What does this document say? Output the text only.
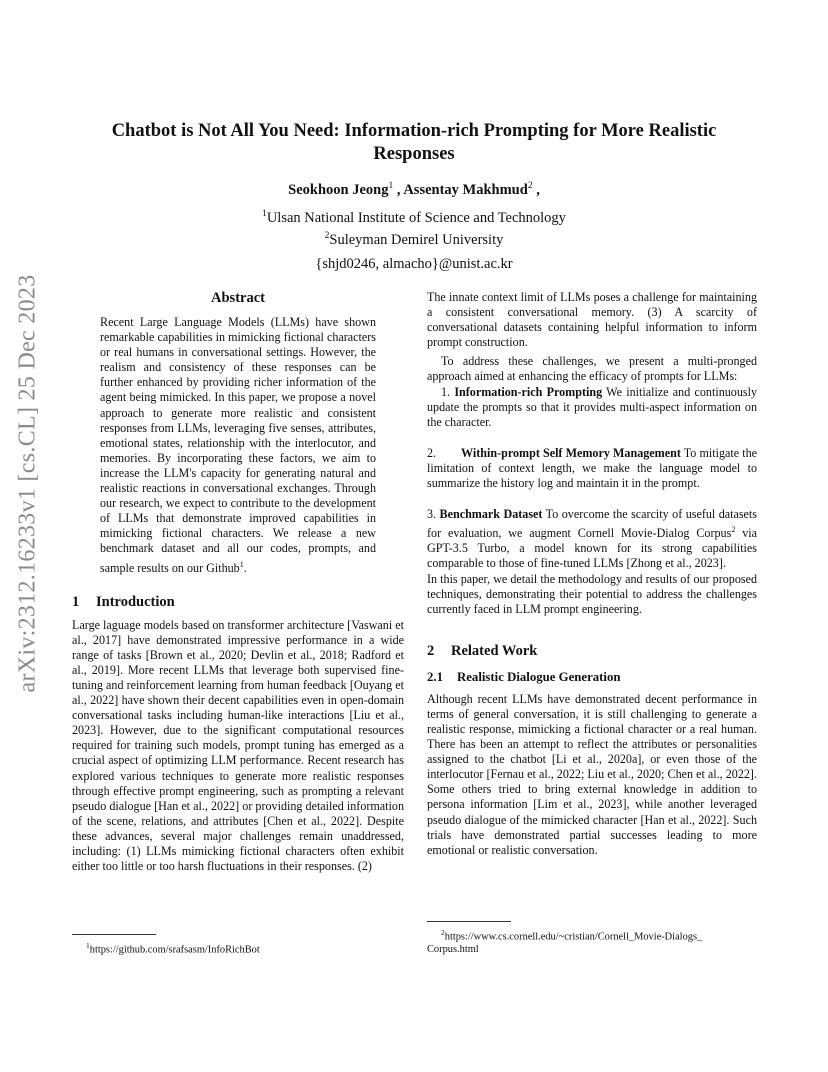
arXiv:2312.16233v1 [cs.CL] 25 Dec 2023
Chatbot is Not All You Need: Information-rich Prompting for More Realistic
Responses
Seokhoon Jeong$^1$ , Assentay Makhmud$^2$ ,
$^1$Ulsan National Institute of Science and Technology
$^2$Suleyman Demirel University
{shjd0246, almacho}@unist.ac.kr
Abstract

Recent Large Language Models (LLMs) have shown remarkable capabilities in mimicking fictional characters or real humans in conversational settings. However, the realism and consistency of these responses can be further enhanced by providing richer information of the agent being mimicked. In this paper, we propose a novel approach to generate more realistic and consistent responses from LLMs, leveraging five senses, attributes, emotional states, relationship with the interlocutor, and memories. By incorporating these factors, we aim to increase the LLM's capacity for generating natural and realistic reactions in conversational exchanges. Through our research, we expect to contribute to the development of LLMs that demonstrate improved capabilities in mimicking fictional characters. We release a new benchmark dataset and all our codes, prompts, and sample results on our Github$^1$.

1 Introduction

Large laguage models based on transformer architecture [Vaswani et al., 2017] have demonstrated impressive performance in a wide range of tasks [Brown et al., 2020; Devlin et al., 2018; Radford et al., 2019]. More recent LLMs that leverage both supervised fine-tuning and reinforcement learning from human feedback [Ouyang et al., 2022] have shown their decent capabilities even in open-domain conversational tasks including human-like interactions [Liu et al., 2023]. However, due to the significant computational resources required for training such models, prompt tuning has emerged as a crucial aspect of optimizing LLM performance. Recent research has explored various techniques to generate more realistic responses through effective prompt engineering, such as prompting a relevant pseudo dialogue [Han et al., 2022] or providing detailed information of the scene, relations, and attributes [Chen et al., 2022]. Despite these advances, several major challenges remain unaddressed, including: (1) LLMs mimicking fictional characters often exhibit either too little or too harsh fluctuations in their responses. (2)

$^1$https://github.com/srafsasm/InfoRichBot

The innate context limit of LLMs poses a challenge for maintaining a consistent conversational memory. (3) A scarcity of conversational datasets containing helpful information to inform prompt construction.

To address these challenges, we present a multi-pronged approach aimed at enhancing the efficacy of prompts for LLMs:

1. Information-rich Prompting We initialize and continuously update the prompts so that it provides multi-aspect information on the character.

2. Within-prompt Self Memory Management To mitigate the limitation of context length, we make the language model to summarize the history log and maintain it in the prompt.

3. Benchmark Dataset To overcome the scarcity of useful datasets for evaluation, we augment Cornell Movie-Dialog Corpus$^2$ via GPT-3.5 Turbo, a model known for its strong capabilities comparable to those of fine-tuned LLMs [Zhong et al., 2023].

In this paper, we detail the methodology and results of our proposed techniques, demonstrating their potential to address the challenges currently faced in LLM prompt engineering.

2 Related Work
2.1 Realistic Dialogue Generation

Although recent LLMs have demonstrated decent performance in terms of general conversation, it is still challenging to generate a realistic response, mimicking a fictional character or a real human. There has been an attempt to reflect the attributes or personalities assigned to the chatbot [Li et al., 2020a], or even those of the interlocutor [Fernau et al., 2022; Liu et al., 2020; Chen et al., 2022]. Some others tried to bring external knowledge in addition to persona information [Lim et al., 2023], while another leveraged pseudo dialogue of the mimicked character [Han et al., 2022]. Such trials have demonstrated partial successes leading to more emotional or realistic conversation.

$^2$https://www.cs.cornell.edu/~cristian/Cornell_Movie-Dialogs_
Corpus.html
